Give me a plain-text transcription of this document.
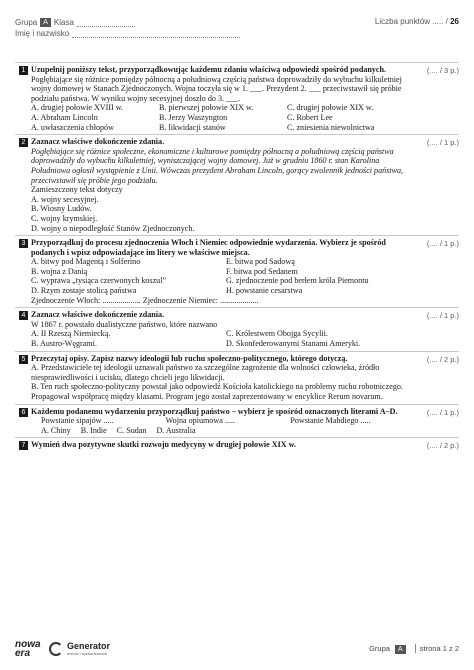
Grupa A Klasa	Liczba punktów ..... / 26
Imię i nazwisko
1	(.... / 3 p.)
Uzupełnij poniższy tekst, przyporządkowując każdemu zdaniu właściwą odpowiedź spośród podanych.
Pogłębiające się różnice pomiędzy północną a południową częścią państwa doprowadziły do wybuchu kilkuletniej wojny domowej w Stanach Zjednoczonych. Wojna toczyła się w 1. ___. Prezydent 2. ___ przeciwstawił się próbie podziału państwa. W wyniku wojny secesyjnej doszło do 3. ___.
A. drugiej połowie XVIII w.	B. pierwszej połowie XIX w.	C. drugiej połowie XIX w.
A. Abraham Lincoln	B. Jerzy Waszyngton	C. Robert Lee
A. uwłaszczenia chłopów	B. likwidacji stanów	C. zniesienia niewolnictwa
2	(.... / 1 p.)
Zaznacz właściwe dokończenie zdania.
Pogłębiające się różnice społeczne, ekonomiczne i kulturowe pomiędzy północną a południową częścią państwa doprowadziły do wybuchu kilkuletniej, wyniszczającej wojny domowej. Już w grudniu 1860 r. stan Karolina Południowa ogłosił wystąpienie z Unii. Wówczas prezydent Abraham Lincoln, gorący zwolennik jedności państwa, przeciwstawił się próbie jego podziału.
Zamieszczony tekst dotyczy
A. wojny secesyjnej.
B. Wiosny Ludów.
C. wojny krymskiej.
D. wojny o niepodległość Stanów Zjednoczonych.
3	(.... / 1 p.)
Przyporządkuj do procesu zjednoczenia Włoch i Niemiec odpowiednie wydarzenia. Wybierz je spośród podanych i wpisz odpowiadające im litery we właściwe miejsca.
A. bitwy pod Magentą i Solferino	E. bitwa pod Sadową
B. wojna z Danią	F. bitwa pod Sedanem
C. wyprawa „tysiąca czerwonych koszul”	G. zjednoczenie pod berłem króla Piemontu
D. Rzym zostaje stolicą państwa	H. powstanie cesarstwa
Zjednoczenie Włoch: ................... Zjednoczenie Niemiec: ...................
4	(.... / 1 p.)
Zaznacz właściwe dokończenie zdania.
W 1867 r. powstało dualistyczne państwo, które nazwano
A. II Rzeszą Niemiecką.	C. Królestwem Obojga Sycylii.
B. Austro-Węgrami.	D. Skonfederowanymi Stanami Ameryki.
5	(.... / 2 p.)
Przeczytaj opisy. Zapisz nazwy ideologii lub ruchu społeczno-politycznego, którego dotyczą.
A. Przedstawiciele tej ideologii uznawali państwo za szczególne zagrożenie dla wolności człowieka, źródło niesprawiedliwości i ucisku, dlatego chcieli jego likwidacji.
B. Ten ruch społeczno-polityczny powstał jako odpowiedź Kościoła katolickiego na problemy ruchu robotniczego. Propagował współpracę między klasami. Program jego został zaprezentowany w encyklice Rerum novarum.
6	(.... / 1 p.)
Każdemu podanemu wydarzeniu przyporządkuj państwo – wybierz je spośród oznaczonych literami A–D.
Powstanie sipajów .....	Wojna opiumowa .....	Powstanie Mahdiego .....
A. Chiny B. Indie C. Sudan D. Australia
7	(.... / 2 p.)
Wymień dwa pozytywne skutki rozwoju medycyny w drugiej połowie XIX w.
nowa
era
Generator
testów i sprawdzianów
Grupa A strona 1 z 2
